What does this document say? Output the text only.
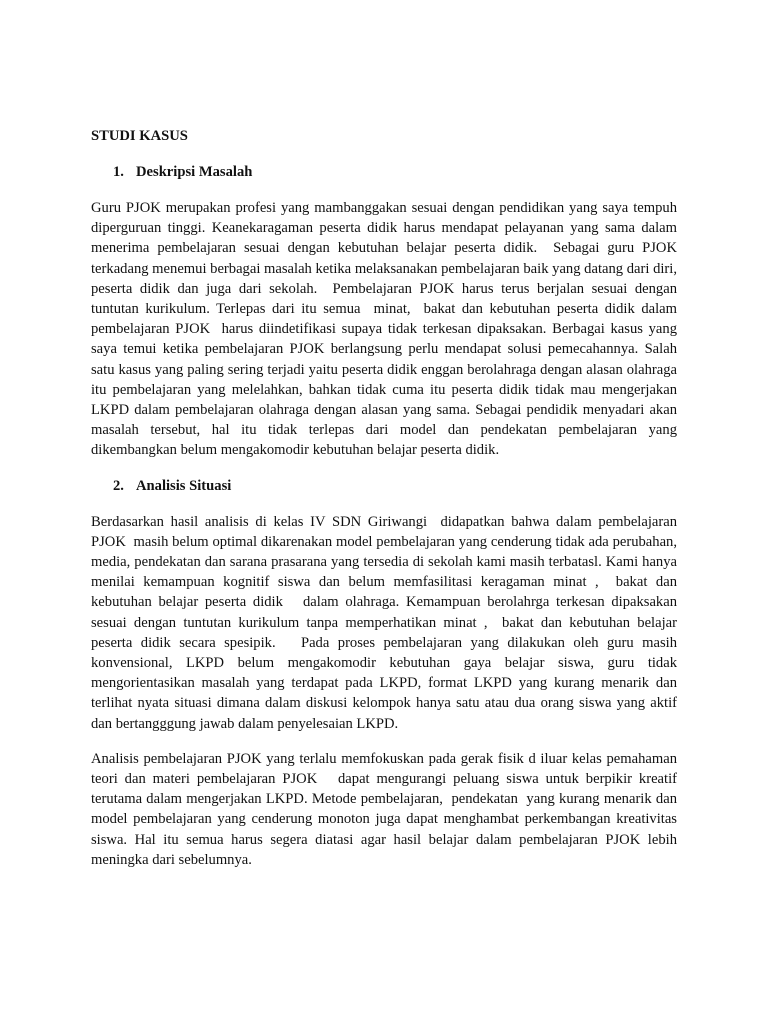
STUDI KASUS
1. Deskripsi Masalah

Guru PJOK merupakan profesi yang mambanggakan sesuai dengan pendidikan yang saya tempuh diperguruan tinggi. Keanekaragaman peserta didik harus mendapat pelayanan yang sama dalam menerima pembelajaran sesuai dengan kebutuhan belajar peserta didik.  Sebagai guru PJOK terkadang menemui berbagai masalah ketika melaksanakan pembelajaran baik yang datang dari diri, peserta didik dan juga dari sekolah.  Pembelajaran PJOK harus terus berjalan sesuai dengan tuntutan kurikulum. Terlepas dari itu semua  minat,  bakat dan kebutuhan peserta didik dalam pembelajaran PJOK  harus diindetifikasi supaya tidak terkesan dipaksakan. Berbagai kasus yang saya temui ketika pembelajaran PJOK berlangsung perlu mendapat solusi pemecahannya. Salah satu kasus yang paling sering terjadi yaitu peserta didik enggan berolahraga dengan alasan olahraga itu pembelajaran yang melelahkan, bahkan tidak cuma itu peserta didik tidak mau mengerjakan LKPD dalam pembelajaran olahraga dengan alasan yang sama. Sebagai pendidik menyadari akan masalah tersebut, hal itu tidak terlepas dari model dan pendekatan pembelajaran yang   dikembangkan belum mengakomodir kebutuhan belajar peserta didik.

2. Analisis Situasi

Berdasarkan hasil analisis di kelas IV SDN Giriwangi  didapatkan bahwa dalam pembelajaran PJOK  masih belum optimal dikarenakan model pembelajaran yang cenderung tidak ada perubahan,   media, pendekatan dan sarana prasarana yang tersedia di sekolah kami masih terbatasl. Kami hanya menilai kemampuan kognitif siswa dan belum memfasilitasi keragaman minat ,  bakat dan kebutuhan belajar peserta didik   dalam olahraga. Kemampuan berolahrga terkesan dipaksakan sesuai dengan tuntutan kurikulum tanpa memperhatikan minat ,  bakat dan kebutuhan belajar peserta didik secara spesipik.   Pada proses pembelajaran yang dilakukan oleh guru masih konvensional, LKPD belum mengakomodir kebutuhan gaya belajar siswa, guru tidak mengorientasikan masalah yang terdapat pada LKPD, format LKPD yang kurang menarik dan terlihat nyata situasi dimana dalam diskusi kelompok hanya satu atau dua orang siswa yang aktif dan bertangggung jawab dalam penyelesaian LKPD.

Analisis pembelajaran PJOK yang terlalu memfokuskan pada gerak fisik d iluar kelas pemahaman teori dan materi pembelajaran PJOK   dapat mengurangi peluang siswa untuk berpikir kreatif terutama dalam mengerjakan LKPD. Metode pembelajaran,  pendekatan  yang kurang menarik dan model pembelajaran yang cenderung monoton juga dapat menghambat perkembangan kreativitas siswa. Hal itu semua harus segera diatasi agar hasil belajar dalam pembelajaran PJOK lebih meningka dari sebelumnya.
